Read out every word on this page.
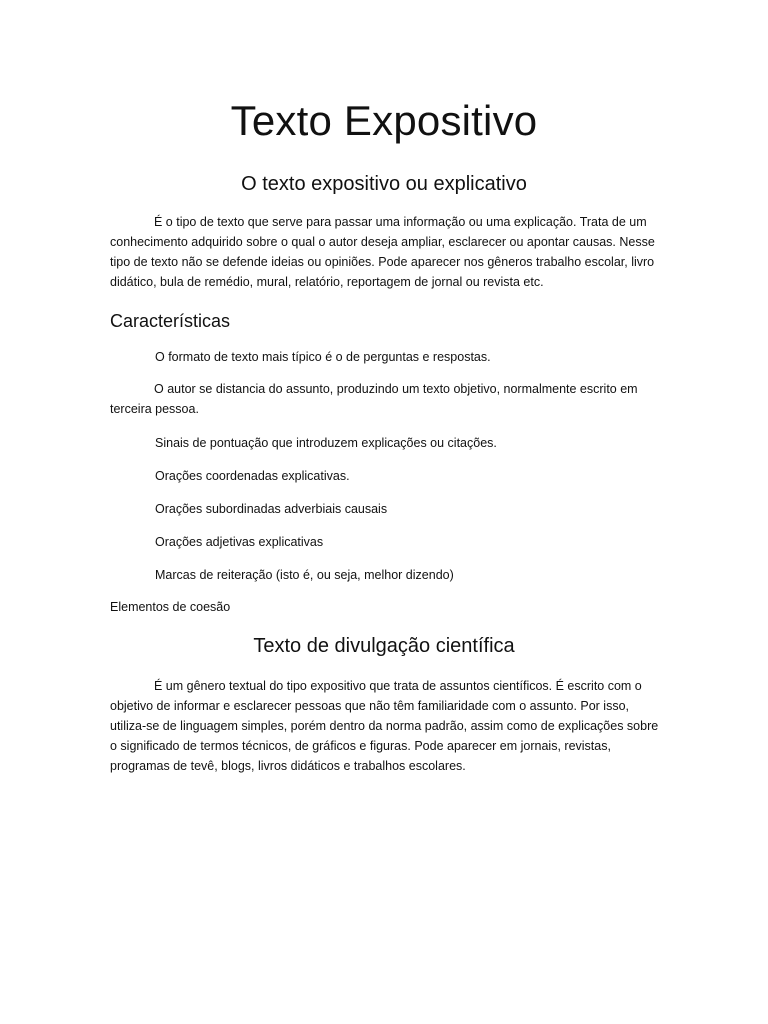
Texto Expositivo
O texto expositivo ou explicativo

É o tipo de texto que serve para passar uma informação ou uma explicação. Trata de um conhecimento adquirido sobre o qual o autor deseja ampliar, esclarecer ou apontar causas. Nesse tipo de texto não se defende ideias ou opiniões. Pode aparecer nos gêneros trabalho escolar, livro didático, bula de remédio, mural, relatório, reportagem de jornal ou revista etc.

Características

O formato de texto mais típico é o de perguntas e respostas.

O autor se distancia do assunto, produzindo um texto objetivo, normalmente escrito em terceira pessoa.

Sinais de pontuação que introduzem explicações ou citações.

Orações coordenadas explicativas.

Orações subordinadas adverbiais causais

Orações adjetivas explicativas

Marcas de reiteração (isto é, ou seja, melhor dizendo)

Elementos de coesão

Texto de divulgação científica

É um gênero textual do tipo expositivo que trata de assuntos científicos. É escrito com o objetivo de informar e esclarecer pessoas que não têm familiaridade com o assunto. Por isso, utiliza-se de linguagem simples, porém dentro da norma padrão, assim como de explicações sobre o significado de termos técnicos, de gráficos e figuras. Pode aparecer em jornais, revistas, programas de tevê, blogs, livros didáticos e trabalhos escolares.
